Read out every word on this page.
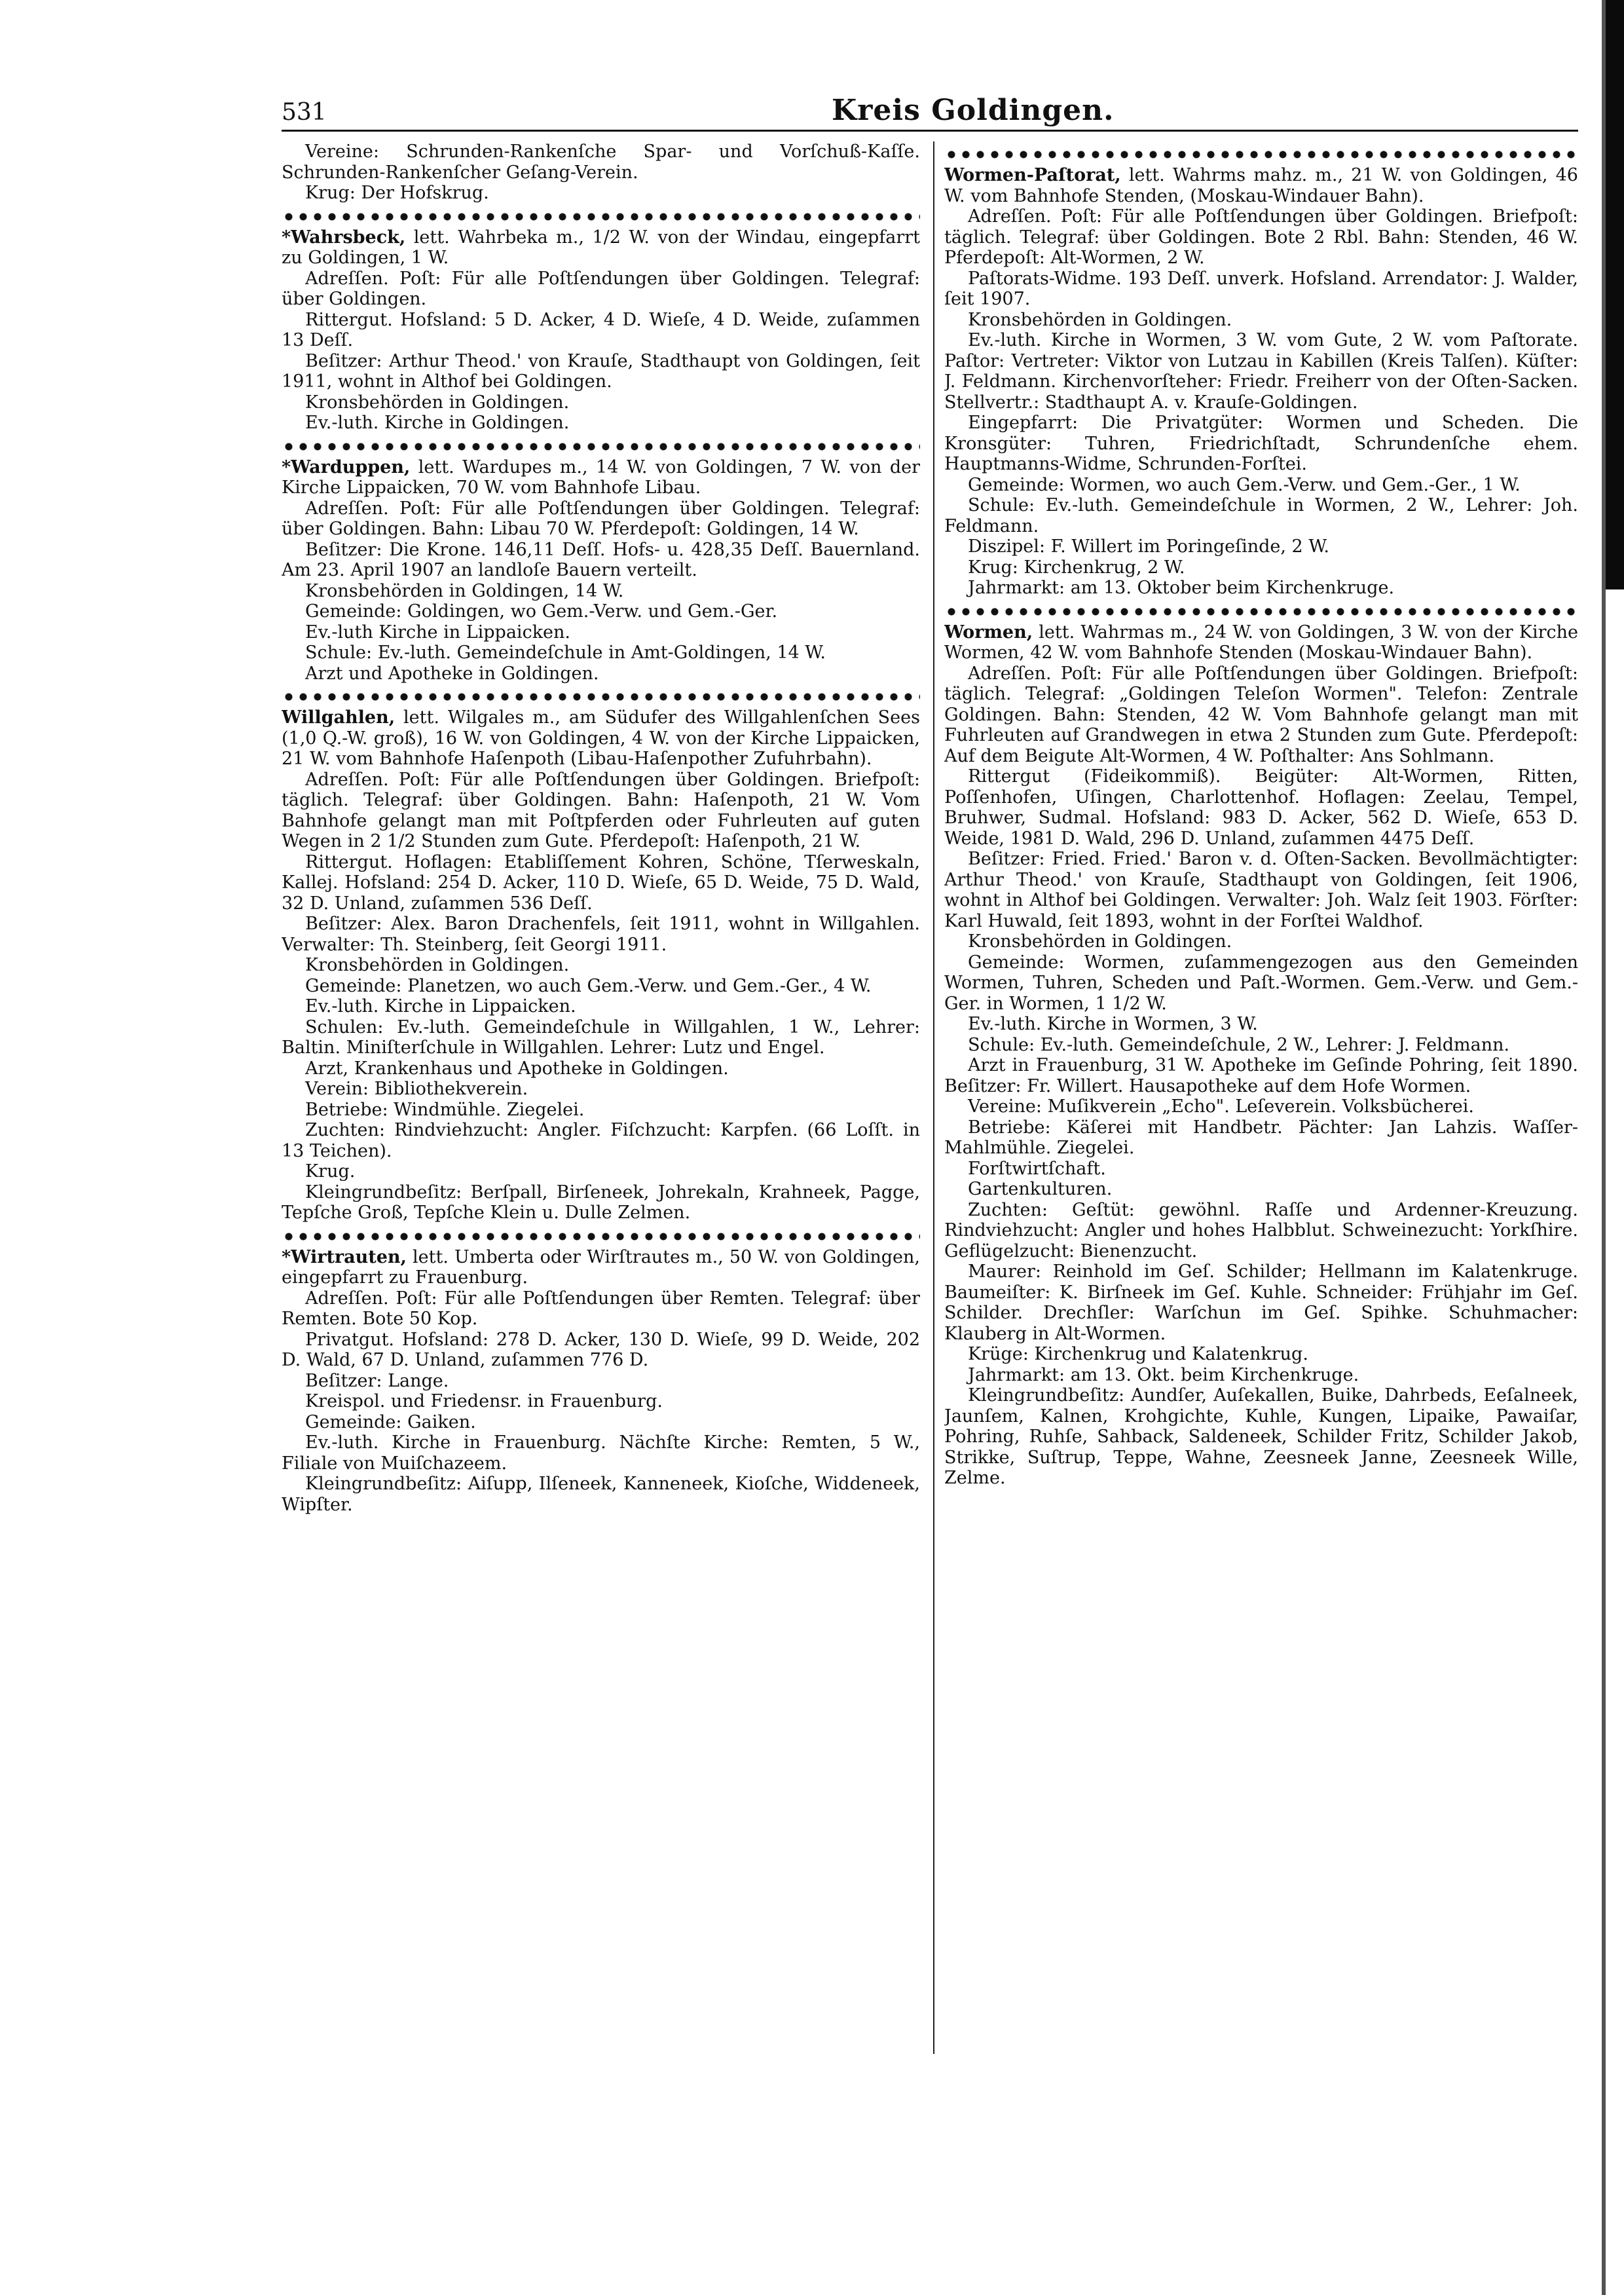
531	Kreis Goldingen.

Vereine: Schrunden-Rankenſche Spar- und Vorſchuß-Kaſſe. Schrunden-Rankenſcher Geſang-Verein.

Krug: Der Hofskrug.

*Wahrsbeck, lett. Wahrbeka m., 1/2 W. von der Windau, eingepfarrt zu Goldingen, 1 W.

Adreſſen. Poſt: Für alle Poſtſendungen über Goldingen. Telegraf: über Goldingen.

Rittergut. Hofsland: 5 D. Acker, 4 D. Wieſe, 4 D. Weide, zuſammen 13 Deſſ.

Beſitzer: Arthur Theod.' von Krauſe, Stadthaupt von Goldingen, ſeit 1911, wohnt in Althof bei Goldingen.

Kronsbehörden in Goldingen.

Ev.-luth. Kirche in Goldingen.

*Warduppen, lett. Wardupes m., 14 W. von Goldingen, 7 W. von der Kirche Lippaicken, 70 W. vom Bahnhofe Libau.

Adreſſen. Poſt: Für alle Poſtſendungen über Goldingen. Telegraf: über Goldingen. Bahn: Libau 70 W. Pferdepoſt: Goldingen, 14 W.

Beſitzer: Die Krone. 146,11 Deſſ. Hofs- u. 428,35 Deſſ. Bauernland. Am 23. April 1907 an landloſe Bauern verteilt.

Kronsbehörden in Goldingen, 14 W.

Gemeinde: Goldingen, wo Gem.-Verw. und Gem.-Ger.

Ev.-luth Kirche in Lippaicken.

Schule: Ev.-luth. Gemeindeſchule in Amt-Goldingen, 14 W.

Arzt und Apotheke in Goldingen.

Willgahlen, lett. Wilgales m., am Südufer des Willgahlenſchen Sees (1,0 Q.-W. groß), 16 W. von Goldingen, 4 W. von der Kirche Lippaicken, 21 W. vom Bahnhofe Haſenpoth (Libau-Haſenpother Zufuhrbahn).

Adreſſen. Poſt: Für alle Poſtſendungen über Goldingen. Briefpoſt: täglich. Telegraf: über Goldingen. Bahn: Haſenpoth, 21 W. Vom Bahnhofe gelangt man mit Poſtpferden oder Fuhrleuten auf guten Wegen in 2 1/2 Stunden zum Gute. Pferdepoſt: Haſenpoth, 21 W.

Rittergut. Hoflagen: Etabliſſement Kohren, Schöne, Tſerweskaln, Kallej. Hofsland: 254 D. Acker, 110 D. Wieſe, 65 D. Weide, 75 D. Wald, 32 D. Unland, zuſammen 536 Deſſ.

Beſitzer: Alex. Baron Drachenfels, ſeit 1911, wohnt in Willgahlen. Verwalter: Th. Steinberg, ſeit Georgi 1911.

Kronsbehörden in Goldingen.

Gemeinde: Planetzen, wo auch Gem.-Verw. und Gem.-Ger., 4 W.

Ev.-luth. Kirche in Lippaicken.

Schulen: Ev.-luth. Gemeindeſchule in Willgahlen, 1 W., Lehrer: Baltin. Miniſterſchule in Willgahlen. Lehrer: Lutz und Engel.

Arzt, Krankenhaus und Apotheke in Goldingen.

Verein: Bibliothekverein.

Betriebe: Windmühle. Ziegelei.

Zuchten: Rindviehzucht: Angler. Fiſchzucht: Karpfen. (66 Loſſt. in 13 Teichen).

Krug.

Kleingrundbeſitz: Berſpall, Birſeneek, Johrekaln, Krahneek, Pagge, Tepſche Groß, Tepſche Klein u. Dulle Zelmen.

*Wirtrauten, lett. Umberta oder Wirſtrautes m., 50 W. von Goldingen, eingepfarrt zu Frauenburg.

Adreſſen. Poſt: Für alle Poſtſendungen über Remten. Telegraf: über Remten. Bote 50 Kop.

Privatgut. Hofsland: 278 D. Acker, 130 D. Wieſe, 99 D. Weide, 202 D. Wald, 67 D. Unland, zuſammen 776 D.

Beſitzer: Lange.

Kreispol. und Friedensr. in Frauenburg.

Gemeinde: Gaiken.

Ev.-luth. Kirche in Frauenburg. Nächſte Kirche: Remten, 5 W., Filiale von Muiſchazeem.

Kleingrundbeſitz: Aiſupp, Ilſeneek, Kanneneek, Kioſche, Widdeneek, Wipſter.

Wormen-Paſtorat, lett. Wahrms mahz. m., 21 W. von Goldingen, 46 W. vom Bahnhofe Stenden, (Moskau-Windauer Bahn).

Adreſſen. Poſt: Für alle Poſtſendungen über Goldingen. Briefpoſt: täglich. Telegraf: über Goldingen. Bote 2 Rbl. Bahn: Stenden, 46 W. Pferdepoſt: Alt-Wormen, 2 W.

Paſtorats-Widme. 193 Deſſ. unverk. Hofsland. Arrendator: J. Walder, ſeit 1907.

Kronsbehörden in Goldingen.

Ev.-luth. Kirche in Wormen, 3 W. vom Gute, 2 W. vom Paſtorate. Paſtor: Vertreter: Viktor von Lutzau in Kabillen (Kreis Talſen). Küſter: J. Feldmann. Kirchenvorſteher: Friedr. Freiherr von der Oſten-Sacken. Stellvertr.: Stadthaupt A. v. Krauſe-Goldingen.

Eingepfarrt: Die Privatgüter: Wormen und Scheden. Die Kronsgüter: Tuhren, Friedrichſtadt, Schrundenſche ehem. Hauptmanns-Widme, Schrunden-Forſtei.

Gemeinde: Wormen, wo auch Gem.-Verw. und Gem.-Ger., 1 W.

Schule: Ev.-luth. Gemeindeſchule in Wormen, 2 W., Lehrer: Joh. Feldmann.

Diszipel: F. Willert im Poringeſinde, 2 W.

Krug: Kirchenkrug, 2 W.

Jahrmarkt: am 13. Oktober beim Kirchenkruge.

Wormen, lett. Wahrmas m., 24 W. von Goldingen, 3 W. von der Kirche Wormen, 42 W. vom Bahnhofe Stenden (Moskau-Windauer Bahn).

Adreſſen. Poſt: Für alle Poſtſendungen über Goldingen. Briefpoſt: täglich. Telegraf: „Goldingen Teleſon Wormen". Telefon: Zentrale Goldingen. Bahn: Stenden, 42 W. Vom Bahnhofe gelangt man mit Fuhrleuten auf Grandwegen in etwa 2 Stunden zum Gute. Pferdepoſt: Auf dem Beigute Alt-Wormen, 4 W. Poſthalter: Ans Sohlmann.

Rittergut (Fideikommiß). Beigüter: Alt-Wormen, Ritten, Poſſenhofen, Uſingen, Charlottenhof. Hoflagen: Zeelau, Tempel, Bruhwer, Sudmal. Hofsland: 983 D. Acker, 562 D. Wieſe, 653 D. Weide, 1981 D. Wald, 296 D. Unland, zuſammen 4475 Deſſ.

Beſitzer: Fried. Fried.' Baron v. d. Oſten-Sacken. Bevollmächtigter: Arthur Theod.' von Krauſe, Stadthaupt von Goldingen, ſeit 1906, wohnt in Althof bei Goldingen. Verwalter: Joh. Walz ſeit 1903. Förſter: Karl Huwald, ſeit 1893, wohnt in der Forſtei Waldhof.

Kronsbehörden in Goldingen.

Gemeinde: Wormen, zuſammengezogen aus den Gemeinden Wormen, Tuhren, Scheden und Paſt.-Wormen. Gem.-Verw. und Gem.-Ger. in Wormen, 1 1/2 W.

Ev.-luth. Kirche in Wormen, 3 W.

Schule: Ev.-luth. Gemeindeſchule, 2 W., Lehrer: J. Feldmann.

Arzt in Frauenburg, 31 W. Apotheke im Geſinde Pohring, ſeit 1890. Beſitzer: Fr. Willert. Hausapotheke auf dem Hofe Wormen.

Vereine: Muſikverein „Echo". Leſeverein. Volksbücherei.

Betriebe: Käſerei mit Handbetr. Pächter: Jan Lahzis. Waſſer-Mahlmühle. Ziegelei.

Forſtwirtſchaft.

Gartenkulturen.

Zuchten: Geſtüt: gewöhnl. Raſſe und Ardenner-Kreuzung. Rindviehzucht: Angler und hohes Halbblut. Schweinezucht: Yorkſhire. Geflügelzucht: Bienenzucht.

Maurer: Reinhold im Geſ. Schilder; Hellmann im Kalatenkruge. Baumeiſter: K. Birſneek im Geſ. Kuhle. Schneider: Frühjahr im Geſ. Schilder. Drechſler: Warſchun im Geſ. Spihke. Schuhmacher: Klauberg in Alt-Wormen.

Krüge: Kirchenkrug und Kalatenkrug.

Jahrmarkt: am 13. Okt. beim Kirchenkruge.

Kleingrundbeſitz: Aundſer, Auſekallen, Buike, Dahrbeds, Eeſalneek, Jaunſem, Kalnen, Krohgichte, Kuhle, Kungen, Lipaike, Pawaiſar, Pohring, Ruhſe, Sahback, Saldeneek, Schilder Fritz, Schilder Jakob, Strikke, Suſtrup, Teppe, Wahne, Zeesneek Janne, Zeesneek Wille, Zelme.
